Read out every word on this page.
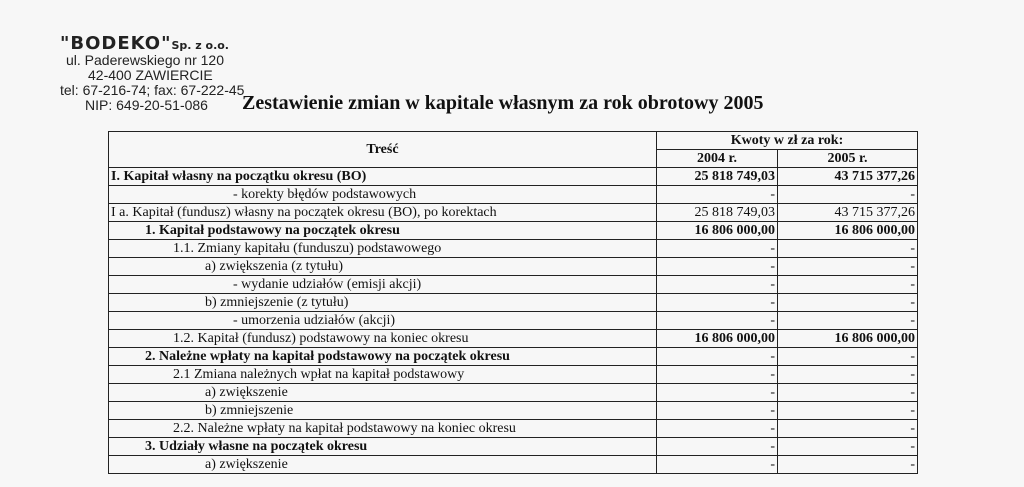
"BODEKO"Sp. z o.o.
ul. Paderewskiego nr 120
42-400 ZAWIERCIE
tel: 67-216-74; fax: 67-222-45
NIP: 649-20-51-086	Zestawienie zmian w kapitale własnym za rok obrotowy 2005
Treść	Kwoty w zł za rok:	
	2004 r.	2005 r.
I. Kapitał własny na początku okresu (BO)	25 818 749,03	43 715 377,26
- korekty błędów podstawowych	-	-
I a. Kapitał (fundusz) własny na początek okresu (BO), po korektach	25 818 749,03	43 715 377,26
1. Kapitał podstawowy na początek okresu	16 806 000,00	16 806 000,00
1.1. Zmiany kapitału (funduszu) podstawowego	-	-
a) zwiększenia (z tytułu)	-	-
- wydanie udziałów (emisji akcji)	-	-
b) zmniejszenie (z tytułu)	-	-
- umorzenia udziałów (akcji)	-	-
1.2. Kapitał (fundusz) podstawowy na koniec okresu	16 806 000,00	16 806 000,00
2. Należne wpłaty na kapitał podstawowy na początek okresu	-	-
2.1 Zmiana należnych wpłat na kapitał podstawowy	-	-
a) zwiększenie	-	-
b) zmniejszenie	-	-
2.2. Należne wpłaty na kapitał podstawowy na koniec okresu	-	-
3. Udziały własne na początek okresu	-	-
a) zwiększenie	-	-
